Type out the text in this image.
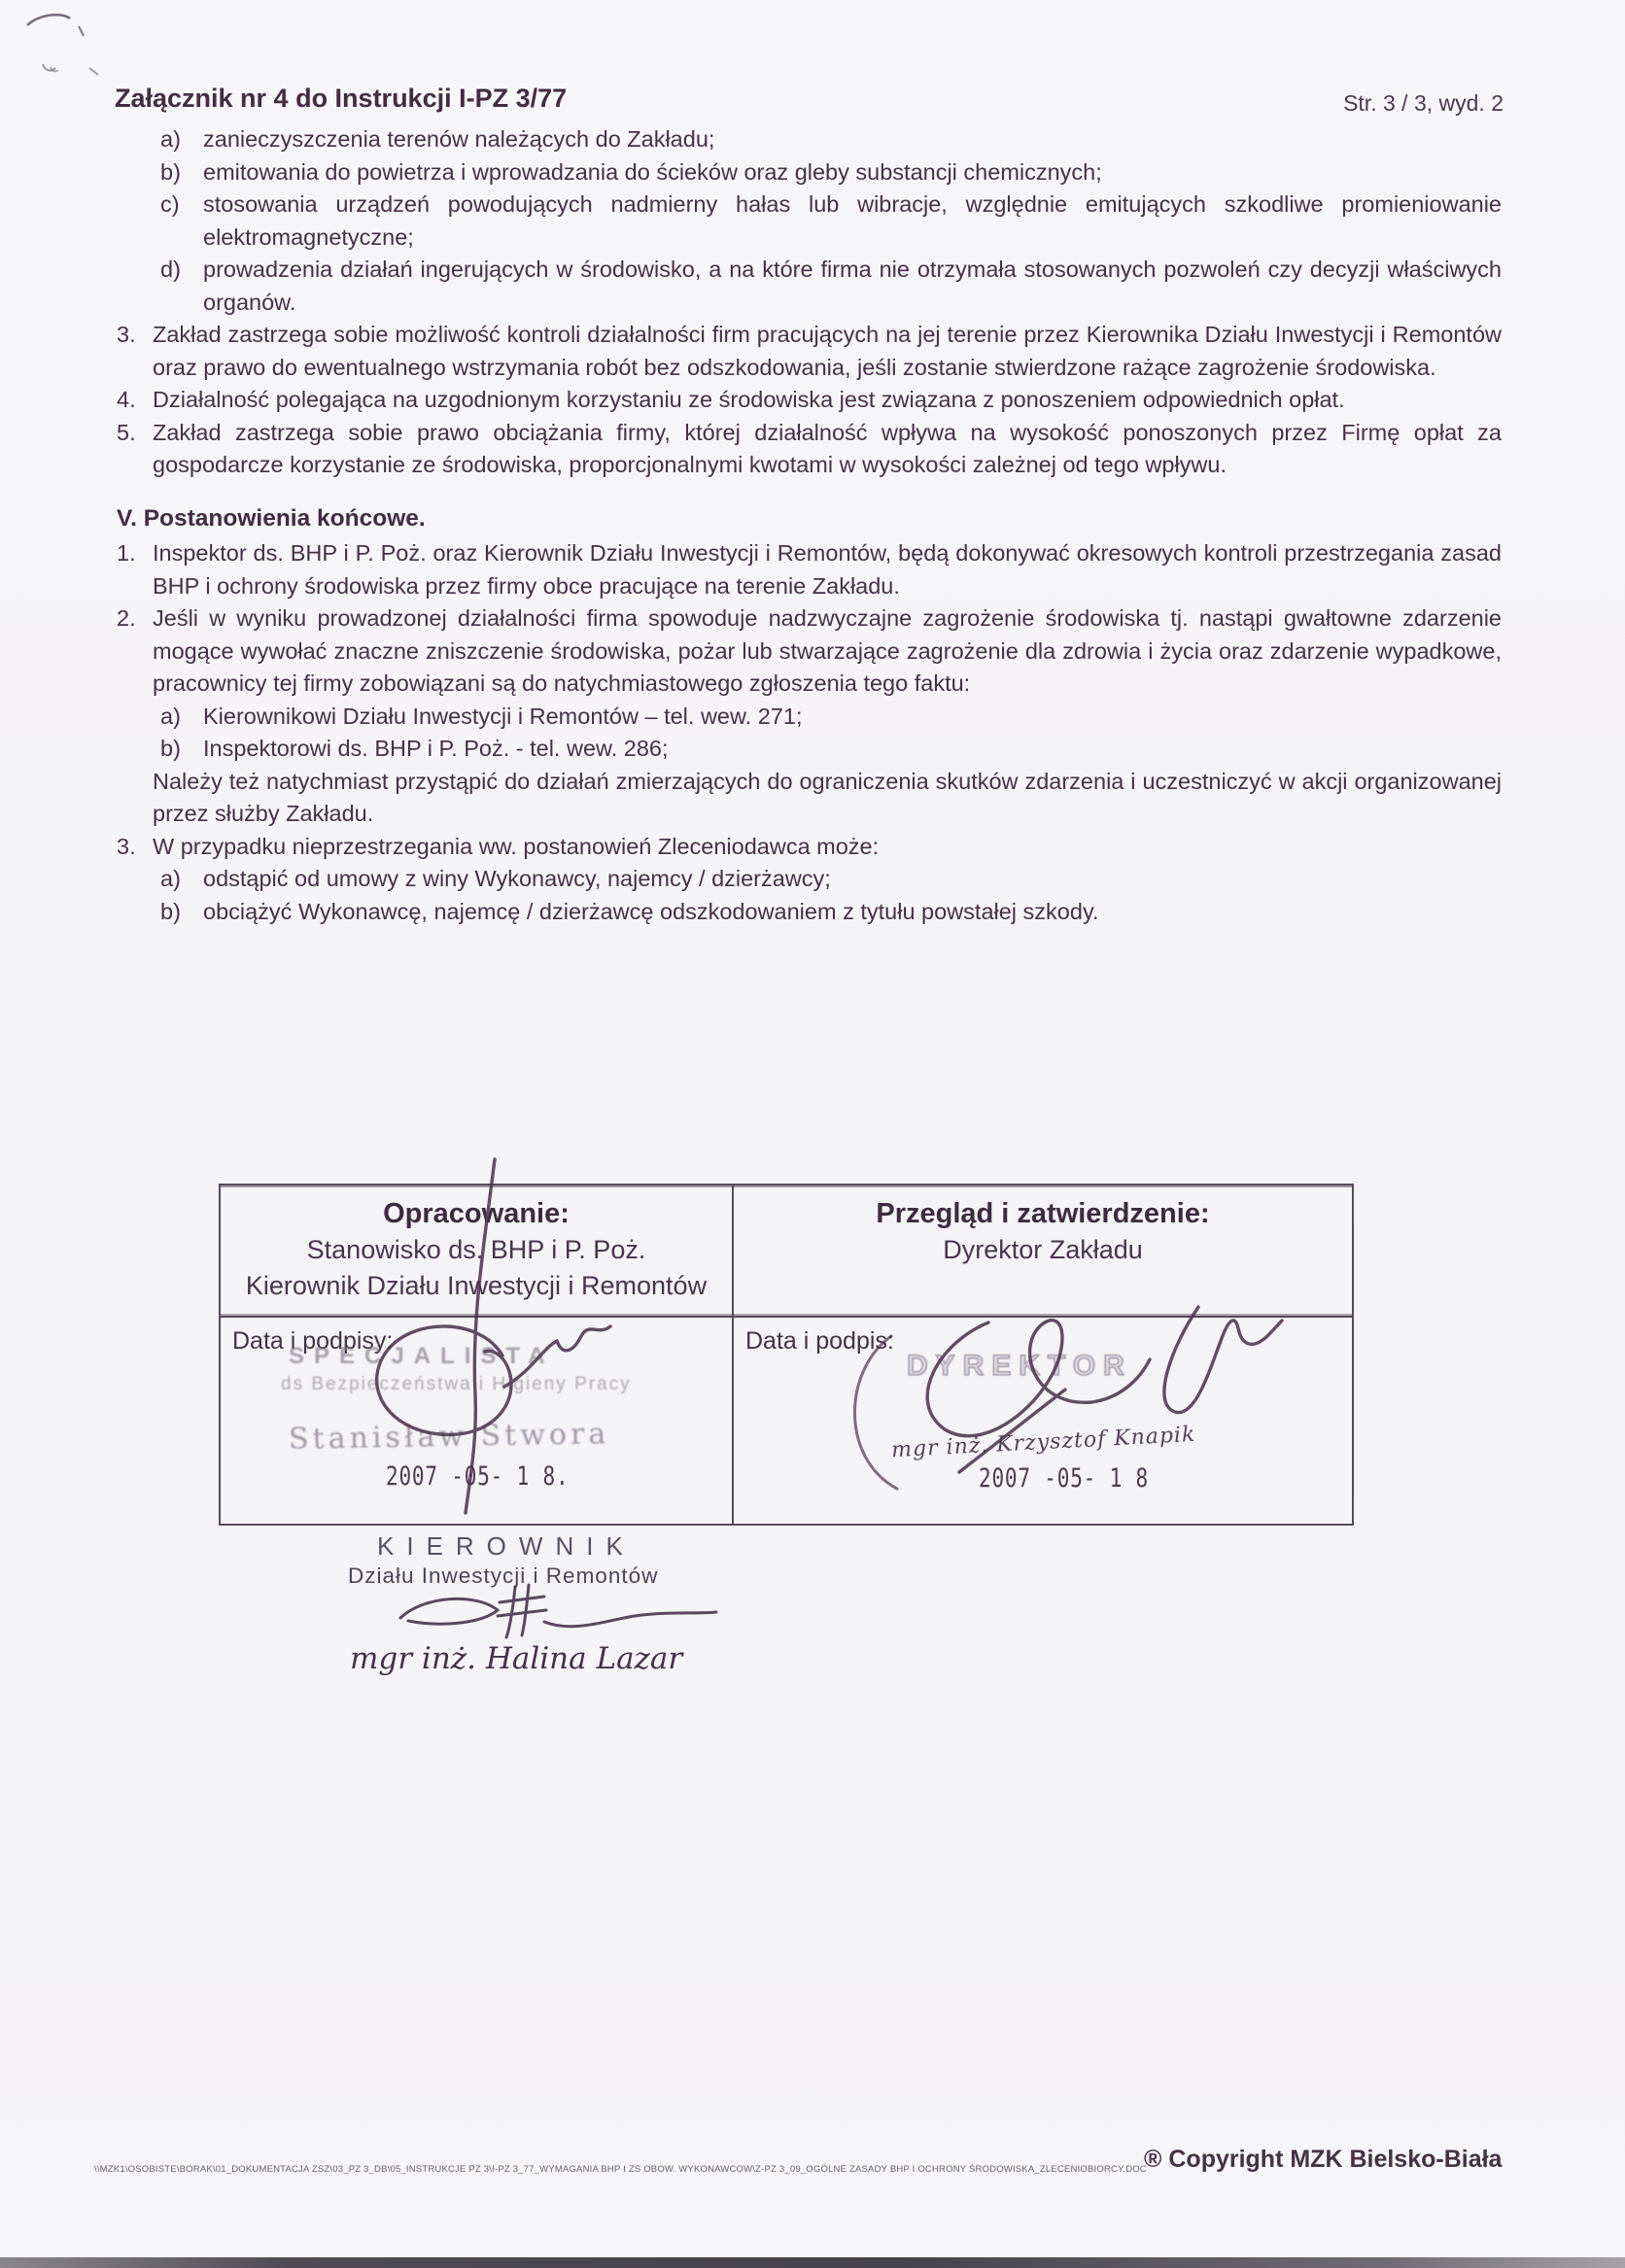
Załącznik nr 4 do Instrukcji I-PZ 3/77	Str. 3 / 3, wyd. 2
a) zanieczyszczenia terenów należących do Zakładu;
b) emitowania do powietrza i wprowadzania do ścieków oraz gleby substancji chemicznych;
c)	stosowania urządzeń powodujących nadmierny hałas lub wibracje, względnie emitujących szkodliwe promieniowanie elektromagnetyczne;
d) prowadzenia działań ingerujących w środowisko, a na które firma nie otrzymała stosowanych pozwoleń czy decyzji właściwych organów.
3. Zakład zastrzega sobie możliwość kontroli działalności firm pracujących na jej terenie przez Kierownika Działu Inwestycji i Remontów oraz prawo do ewentualnego wstrzymania robót bez odszkodowania, jeśli zostanie stwierdzone rażące zagrożenie środowiska.
4. Działalność polegająca na uzgodnionym korzystaniu ze środowiska jest związana z ponoszeniem odpowiednich opłat.
5. Zakład zastrzega sobie prawo obciążania firmy, której działalność wpływa na wysokość ponoszonych przez Firmę opłat za gospodarcze korzystanie ze środowiska, proporcjonalnymi kwotami w wysokości zależnej od tego wpływu.
V. Postanowienia końcowe.
1. Inspektor ds. BHP i P. Poż. oraz Kierownik Działu Inwestycji i Remontów, będą dokonywać okresowych kontroli przestrzegania zasad BHP i ochrony środowiska przez firmy obce pracujące na terenie Zakładu.
2. Jeśli w wyniku prowadzonej działalności firma spowoduje nadzwyczajne zagrożenie środowiska tj. nastąpi gwałtowne zdarzenie mogące wywołać znaczne zniszczenie środowiska, pożar lub stwarzające zagrożenie dla zdrowia i życia oraz zdarzenie wypadkowe, pracownicy tej firmy zobowiązani są do natychmiastowego zgłoszenia tego faktu:
a) Kierownikowi Działu Inwestycji i Remontów – tel. wew. 271;
b) Inspektorowi ds. BHP i P. Poż. - tel. wew. 286;
Należy też natychmiast przystąpić do działań zmierzających do ograniczenia skutków zdarzenia i uczestniczyć w akcji organizowanej przez służby Zakładu.
3. W przypadku nieprzestrzegania ww. postanowień Zleceniodawca może:
a) odstąpić od umowy z winy Wykonawcy, najemcy / dzierżawcy;
b) obciążyć Wykonawcę, najemcę / dzierżawcę odszkodowaniem z tytułu powstałej szkody.
Opracowanie:
Stanowisko ds. BHP i P. Poż.
Kierownik Działu Inwestycji i Remontów
Przegląd i zatwierdzenie:
Dyrektor Zakładu
Data i podpisy:
SPECJALISTA
ds Bezpieczeństwa i Higieny Pracy
Stanisław Stwora
2007 -05- 1 8.
Data i podpis:
DYREKTOR
mgr inż. Krzysztof Knapik
2007 -05- 1 8
KIEROWNIK
Działu Inwestycji i Remontów
mgr inż. Halina Lazar
\\MZK1\OSOBISTE\BORAK\01_DOKUMENTACJA ZSZ\03_PZ 3_DB\05_INSTRUKCJE PZ 3\I-PZ 3_77_WYMAGANIA BHP I ZS OBOW. WYKONAWCOW\Z-PZ 3_09_OGÓLNE ZASADY BHP I OCHRONY ŚRODOWISKA_ZLECENIOBIORCY.DOC
® Copyright MZK Bielsko-Biała
